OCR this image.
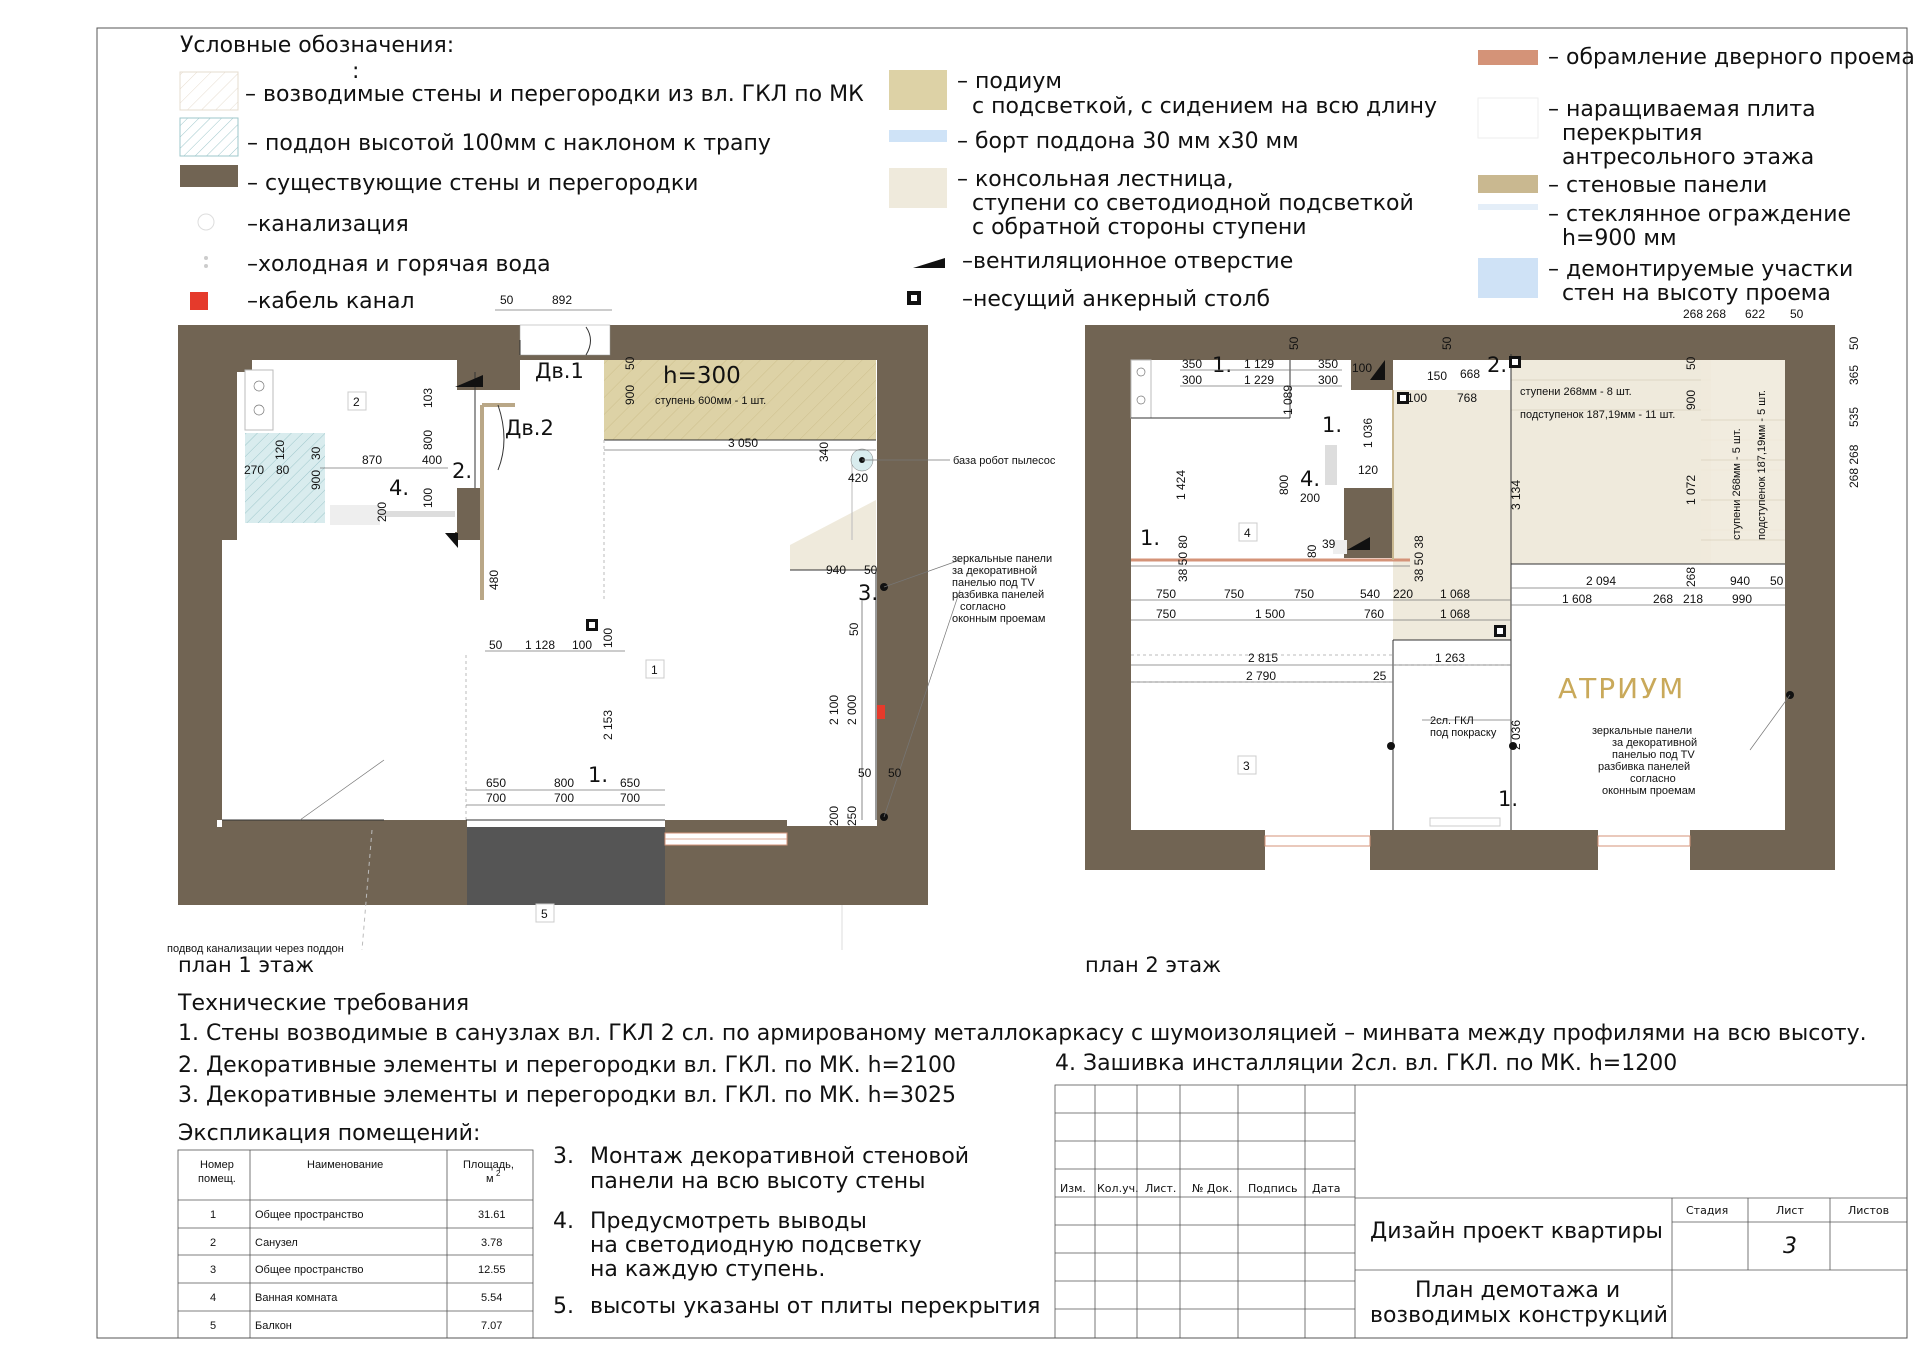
Условные обозначения:
:
– возводимые стены и перегородки из вл. ГКЛ по МК
– поддон высотой 100мм с наклоном к трапу
– существующие стены и перегородки
–канализация
–холодная и горячая вода
–кабель канал
– подиум
с подсветкой, с сидением на всю длину
– борт поддона 30 мм х30 мм
– консольная лестница,
ступени со светодиодной подсветкой
с обратной стороны ступени
–вентиляционное отверстие
–несущий анкерный столб
– обрамление дверного проема
– наращиваемая плита
перекрытия
антресольного этажа
– стеновые панели
– стеклянное ограждение
h=900 мм
– демонтируемые участки
стен на высоту проема
Дв.1
Дв.2
h=300
ступень 600мм - 1 шт.
база робот пылесос
зеркальные панели
за декоративной
панелью под TV
разбивка панелей
согласно
оконным проемам
1.
2.
3.
4.
1
2
5
подвод канализации через поддон
план 1 этаж
50	892
50
900
3 050	340
420
103
800
400
870
100
200
270 80
120 30
900
480	940 50
50
50 1 128 100 100
2 153	2 100 2 000
650	800	650
700	700	700
50 50
200 250
1.
1.
1.
1.
2.
4.
4
3
АТРИУМ
ступени 268мм - 8 шт.
подступенок 187,19мм - 11 шт.
ступени 268мм - 5 шт. подступенок 187,19мм - 5 шт.
2сл. ГКЛ
под покраску	зеркальные панели
за декоративной
панелью под TV
разбивка панелей
согласно
оконным проемам
план 2 этаж
268 268 622 50
50
365
535
268 268
350
300
1 129
1 229
350
300
50
1 089
100
150 668
768
100
50
1 036
120
800
200
1 424
39
80
3 134
900
50
1 072
38 50 80	38 50 38	268
750	750	750	540 220 1 068
750	1 500	760	1 068
2 094	940 50
1 608	268 218 990
2 815	1 263
2 790	25
2 036
Технические требования
1. Стены возводимые в санузлах вл. ГКЛ 2 сл. по армированому металлокаркасу с шумоизоляцией – минвата между профилями на всю высоту.
2. Декоративные элементы и перегородки вл. ГКЛ. по МК. h=2100
3. Декоративные элементы и перегородки вл. ГКЛ. по МК. h=3025
4. Зашивка инсталляции 2сл. вл. ГКЛ. по МК. h=1200
3. Монтаж декоративной стеновой
панели на всю высоту стены
4. Предусмотреть выводы
на светодиодную подсветку
на каждую ступень.
5. высоты указаны от плиты перекрытия
Экспликация помещений:
Номер
помещ.
Наименование	Площадь,
м 2
1	Общее пространство	31.61
2	Санузел	3.78
3	Общее пространство	12.55
4	Ванная комната	5.54
5	Балкон	7.07
Изм. Кол.уч. Лист. № Док. Подпись Дата
Дизайн проект квартиры
План демотажа и
возводимых конструкций
Стадия	Лист	Листов
3
